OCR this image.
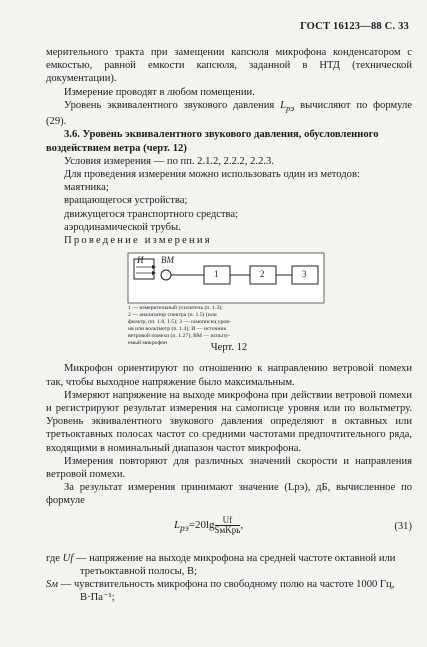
ГОСТ 16123—88 С. 33

мерительного тракта при замещении капсюля микрофона конденсатором с емкостью, равной емкости капсюля, заданной в НТД (технической документации).

Измерение проводят в любом помещении.

Уровень эквивалентного звукового давления $L_{pэ}$ вычисляют по формуле (29).

3.6. Уровень эквивалентного звукового давления, обусловленного воздействием ветра (черт. 12)

Условия измерения — по пп. 2.1.2, 2.2.2, 2.2.3.

Для проведения измерения можно использовать один из методов:

маятника;

вращающегося устройства;

движущегося транспортного средства;

аэродинамической трубы.

Проведение измерения

И ВМ
1	2	3
1 — измерительный усилитель (п. 1.3);
2 — анализатор спектра (п. 1.5) (или
фильтр, пп. 1.8, 1.5); 3 — самописец уров-
ня или вольтметр (п. 1.4); И — источник
ветровой помехи (п. 1.27); ВМ — испыту-
емый микрофон	Черт. 12

Микрофон ориентируют по отношению к направлению ветровой помехи так, чтобы выходное напряжение было максимальным.

Измеряют напряжение на выходе микрофона при действии ветровой помехи и регистрируют результат измерения на самописце уровня или по вольтметру. Уровень эквивалентного звукового давления определяют в октавных или третьоктавных полосах частот со средними частотами предпочтительного ряда, входящими в номинальный диапазон частот микрофона.

Измерения повторяют для различных значений скорости и направления ветровой помехи.

За результат измерения принимают значение (Lpэ), дБ, вычисленное по формуле

$L_{pэ}=20\lg \frac{Uf}{\text{SмKpь}}$ ,	(31)

где Uf — напряжение на выходе микрофона на средней частоте октавной или третьоктавной полосы, В;

Sм — чувствительность микрофона по свободному полю на частоте 1000 Гц, В·Па⁻¹;
